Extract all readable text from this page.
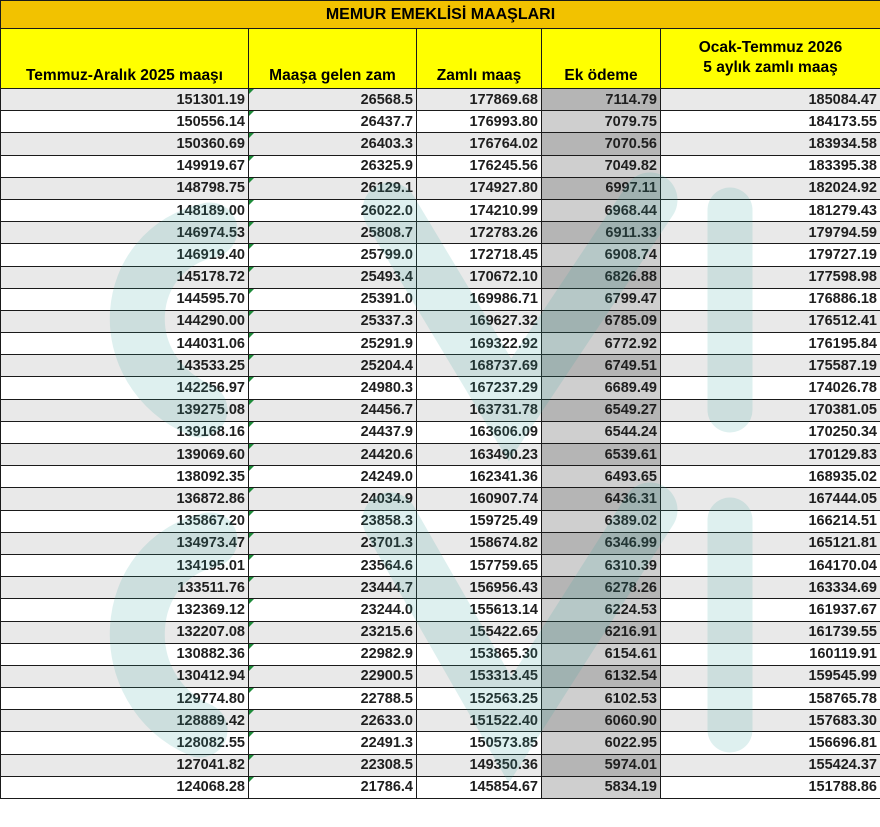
MEMUR EMEKLİSİ MAAŞLARI				
Temmuz-Aralık 2025 maaşı	Maaşa gelen zam	Zamlı maaş	Ek ödeme	Ocak-Temmuz 2026
5 aylık zamlı maaş

151301.19	26568.5	177869.68	7114.79	185084.47
150556.14	26437.7	176993.80	7079.75	184173.55
150360.69	26403.3	176764.02	7070.56	183934.58
149919.67	26325.9	176245.56	7049.82	183395.38
148798.75	26129.1	174927.80	6997.11	182024.92
148189.00	26022.0	174210.99	6968.44	181279.43
146974.53	25808.7	172783.26	6911.33	179794.59
146919.40	25799.0	172718.45	6908.74	179727.19
145178.72	25493.4	170672.10	6826.88	177598.98
144595.70	25391.0	169986.71	6799.47	176886.18
144290.00	25337.3	169627.32	6785.09	176512.41
144031.06	25291.9	169322.92	6772.92	176195.84
143533.25	25204.4	168737.69	6749.51	175587.19
142256.97	24980.3	167237.29	6689.49	174026.78
139275.08	24456.7	163731.78	6549.27	170381.05
139168.16	24437.9	163606.09	6544.24	170250.34
139069.60	24420.6	163490.23	6539.61	170129.83
138092.35	24249.0	162341.36	6493.65	168935.02
136872.86	24034.9	160907.74	6436.31	167444.05
135867.20	23858.3	159725.49	6389.02	166214.51
134973.47	23701.3	158674.82	6346.99	165121.81
134195.01	23564.6	157759.65	6310.39	164170.04
133511.76	23444.7	156956.43	6278.26	163334.69
132369.12	23244.0	155613.14	6224.53	161937.67
132207.08	23215.6	155422.65	6216.91	161739.55
130882.36	22982.9	153865.30	6154.61	160119.91
130412.94	22900.5	153313.45	6132.54	159545.99
129774.80	22788.5	152563.25	6102.53	158765.78
128889.42	22633.0	151522.40	6060.90	157683.30
128082.55	22491.3	150573.85	6022.95	156696.81
127041.82	22308.5	149350.36	5974.01	155424.37
124068.28	21786.4	145854.67	5834.19	151788.86
